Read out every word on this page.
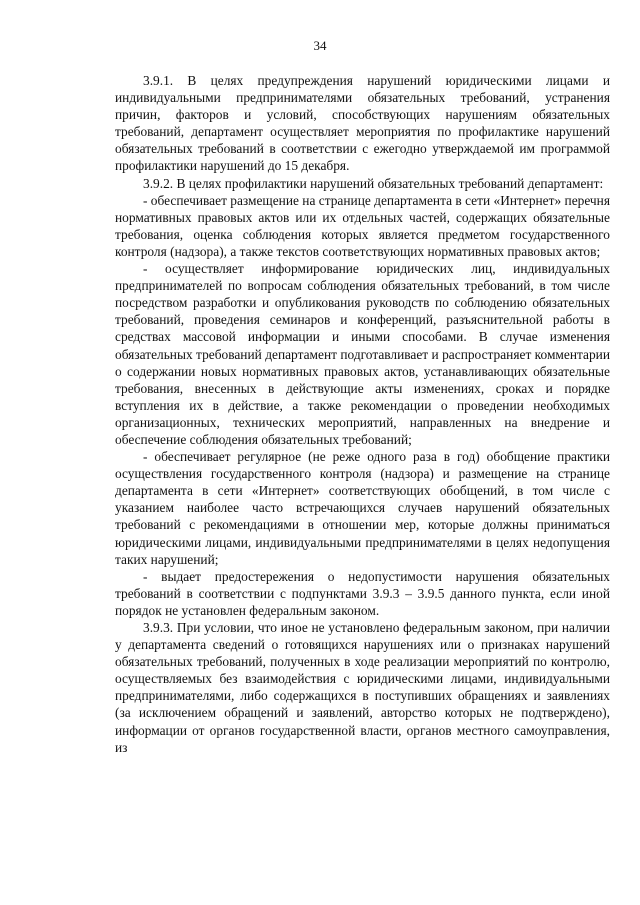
34

3.9.1. В целях предупреждения нарушений юридическими лицами и индивидуальными предпринимателями обязательных требований, устранения причин, факторов и условий, способствующих нарушениям обязательных требований, департамент осуществляет мероприятия по профилактике нарушений обязательных требований в соответствии с ежегодно утверждаемой им программой профилактики нарушений до 15 декабря.

3.9.2. В целях профилактики нарушений обязательных требований департамент:

- обеспечивает размещение на странице департамента в сети «Интернет» перечня нормативных правовых актов или их отдельных частей, содержащих обязательные требования, оценка соблюдения которых является предметом государственного контроля (надзора), а также текстов соответствующих нормативных правовых актов;

- осуществляет информирование юридических лиц, индивидуальных предпринимателей по вопросам соблюдения обязательных требований, в том числе посредством разработки и опубликования руководств по соблюдению обязательных требований, проведения семинаров и конференций, разъяснительной работы в средствах массовой информации и иными способами. В случае изменения обязательных требований департамент подготавливает и распространяет комментарии о содержании новых нормативных правовых актов, устанавливающих обязательные требования, внесенных в действующие акты изменениях, сроках и порядке вступления их в действие, а также рекомендации о проведении необходимых организационных, технических мероприятий, направленных на внедрение и обеспечение соблюдения обязательных требований;

- обеспечивает регулярное (не реже одного раза в год) обобщение практики осуществления государственного контроля (надзора) и размещение на странице департамента в сети «Интернет» соответствующих обобщений, в том числе с указанием наиболее часто встречающихся случаев нарушений обязательных требований с рекомендациями в отношении мер, которые должны приниматься юридическими лицами, индивидуальными предпринимателями в целях недопущения таких нарушений;

- выдает предостережения о недопустимости нарушения обязательных требований в соответствии с подпунктами 3.9.3 – 3.9.5 данного пункта, если иной порядок не установлен федеральным законом.

3.9.3. При условии, что иное не установлено федеральным законом, при наличии у департамента сведений о готовящихся нарушениях или о признаках нарушений обязательных требований, полученных в ходе реализации мероприятий по контролю, осуществляемых без взаимодействия с юридическими лицами, индивидуальными предпринимателями, либо содержащихся в поступивших обращениях и заявлениях (за исключением обращений и заявлений, авторство которых не подтверждено), информации от органов государственной власти, органов местного самоуправления, из
